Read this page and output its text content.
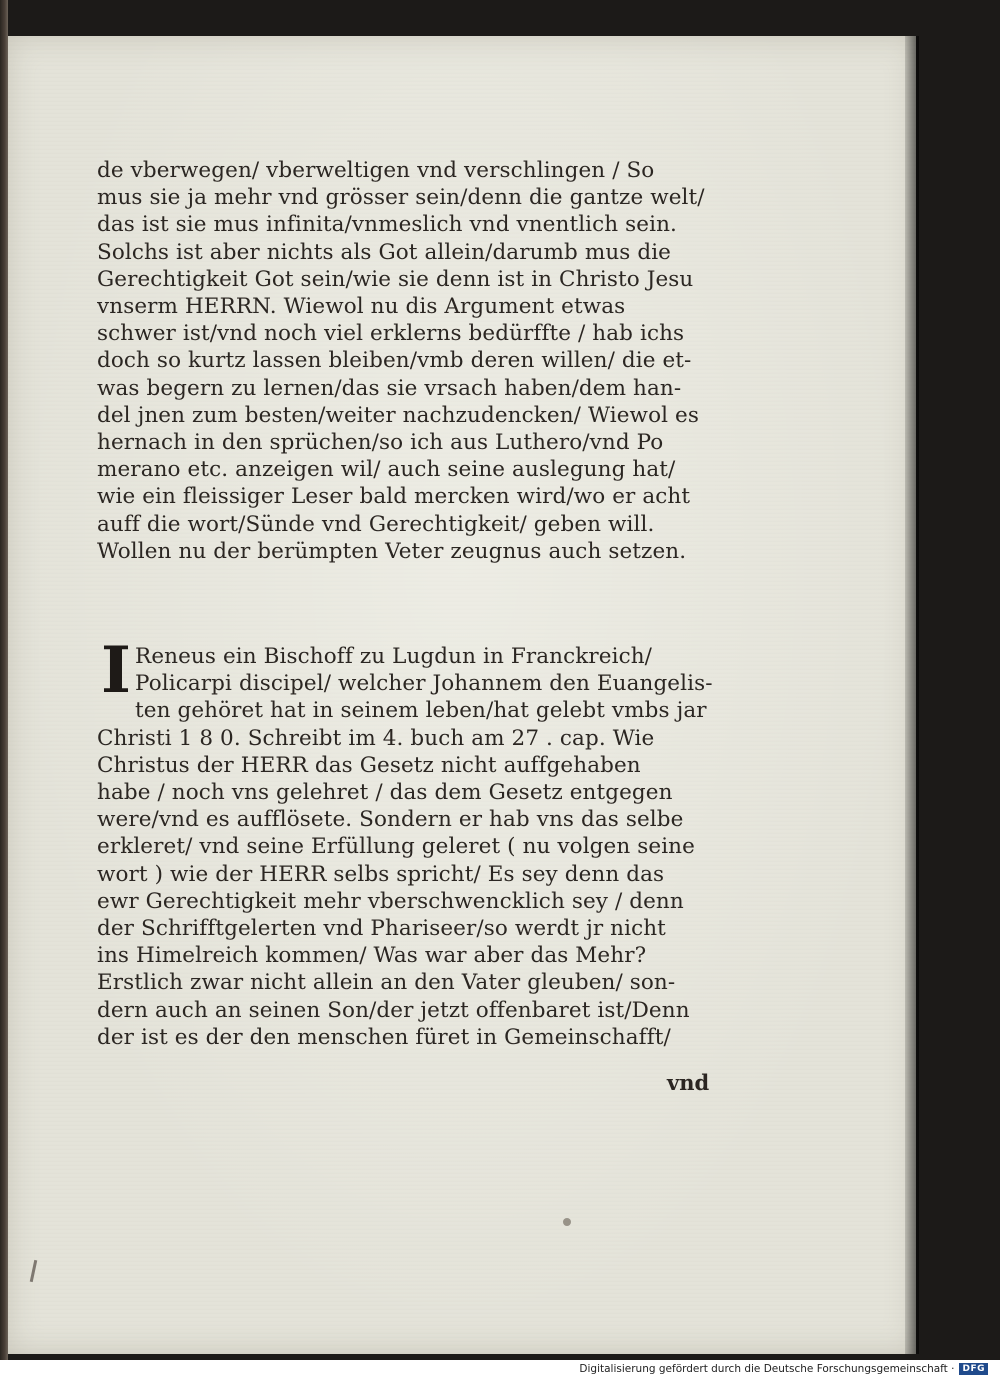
de vberwegen/ vberweltigen vnd verschlingen / So
mus sie ja mehr vnd grösser sein/denn die gantze welt/
das ist sie mus infinita/vnmeslich vnd vnentlich sein.
Solchs ist aber nichts als Got allein/darumb mus die
Gerechtigkeit Got sein/wie sie denn ist in Christo Jesu
vnserm HERRN. Wiewol nu dis Argument etwas
schwer ist/vnd noch viel erklerns bedürffte / hab ichs
doch so kurtz lassen bleiben/vmb deren willen/ die et-
was begern zu lernen/das sie vrsach haben/dem han-
del jnen zum besten/weiter nachzudencken/ Wiewol es
hernach in den sprüchen/so ich aus Luthero/vnd Po
merano etc. anzeigen wil/ auch seine auslegung hat/
wie ein fleissiger Leser bald mercken wird/wo er acht
auff die wort/Sünde vnd Gerechtigkeit/ geben will.
Wollen nu der berümpten Veter zeugnus auch setzen.
I Reneus ein Bischoff zu Lugdun in Franckreich/
Policarpi discipel/ welcher Johannem den Euangelis-
ten gehöret hat in seinem leben/hat gelebt vmbs jar
Christi 1 8 0. Schreibt im 4. buch am 27 . cap. Wie
Christus der HERR das Gesetz nicht auffgehaben
habe / noch vns gelehret / das dem Gesetz entgegen
were/vnd es aufflösete. Sondern er hab vns das selbe
erkleret/ vnd seine Erfüllung geleret ( nu volgen seine
wort ) wie der HERR selbs spricht/ Es sey denn das
ewr Gerechtigkeit mehr vberschwencklich sey / denn
der Schrifftgelerten vnd Phariseer/so werdt jr nicht
ins Himelreich kommen/ Was war aber das Mehr?
Erstlich zwar nicht allein an den Vater gleuben/ son-
dern auch an seinen Son/der jetzt offenbaret ist/Denn
der ist es der den menschen füret in Gemeinschafft/
vnd
Digitalisierung gefördert durch die Deutsche Forschungsgemeinschaft · DFG
